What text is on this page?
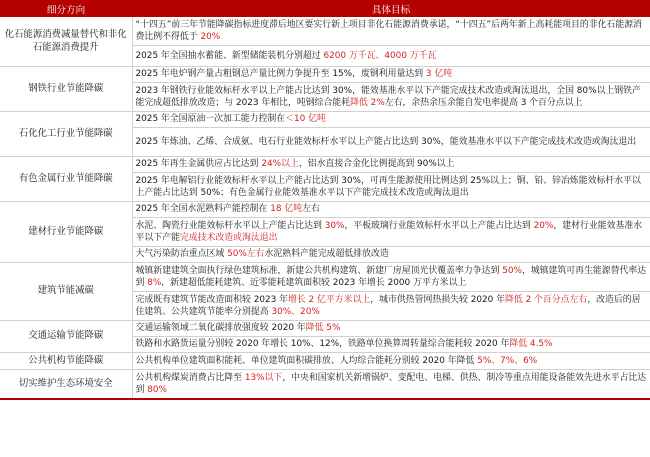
细分方向	具体目标
化石能源消费减量替代和非化石能源消费提升	“十四五”前三年节能降碳指标进度滞后地区要实行新上项目非化石能源消费承诺，“十四五”后两年新上高耗能项目的非化石能源消费比例不得低于 20%
	2025 年全国抽水蓄能、新型储能装机分别超过 6200 万千瓦、4000 万千瓦
钢铁行业节能降碳	2025 年电炉钢产量占粗钢总产量比例力争提升至 15%，废钢利用量达到 3 亿吨
	2023 年钢铁行业能效标杆水平以上产能占比达到 30%，能效基准水平以下产能完成技术改造或淘汰退出，全国 80%以上钢铁产能完成超低排放改造；与 2023 年相比，吨钢综合能耗降低 2%左右，余热余压余能自发电率提高 3 个百分点以上
石化化工行业节能降碳	2025 年全国原油一次加工能力控制在＜10 亿吨
	2025 年炼油、乙烯、合成氨、电石行业能效标杆水平以上产能占比达到 30%，能效基准水平以下产能完成技术改造或淘汰退出
有色金属行业节能降碳	2025 年再生金属供应占比达到 24%以上，铝水直接合金化比例提高到 90%以上
	2025 年电解铝行业能效标杆水平以上产能占比达到 30%，可再生能源使用比例达到 25%以上；铜、铅、锌冶炼能效标杆水平以上产能占比达到 50%；有色金属行业能效基准水平以下产能完成技术改造或淘汰退出
建材行业节能降碳	2025 年全国水泥熟料产能控制在 18 亿吨左右
	水泥、陶瓷行业能效标杆水平以上产能占比达到 30%，平板玻璃行业能效标杆水平以上产能占比达到 20%，建材行业能效基准水平以下产能完成技术改造或淘汰退出
	大气污染防治重点区域 50%左右水泥熟料产能完成超低排放改造
建筑节能减碳	城镇新建建筑全面执行绿色建筑标准，新建公共机构建筑、新建厂房屋顶光伏覆盖率力争达到 50%，城镇建筑可再生能源替代率达到 8%，新建超低能耗建筑、近零能耗建筑面积较 2023 年增长 2000 万平方米以上
	完成既有建筑节能改造面积较 2023 年增长 2 亿平方米以上，城市供热管网热损失较 2020 年降低 2 个百分点左右，改造后的居住建筑、公共建筑节能率分别提高 30%、20%
交通运输节能降碳	交通运输领域二氧化碳排放强度较 2020 年降低 5%
	铁路和水路货运量分别较 2020 年增长 10%、12%，铁路单位换算周转量综合能耗较 2020 年降低 4.5%
公共机构节能降碳	公共机构单位建筑面积能耗、单位建筑面积碳排放、人均综合能耗分别较 2020 年降低 5%、7%、6%
切实维护生态环境安全	公共机构煤炭消费占比降至 13%以下，中央和国家机关新增锅炉、变配电、电梯、供热、制冷等重点用能设备能效先进水平占比达到 80%
